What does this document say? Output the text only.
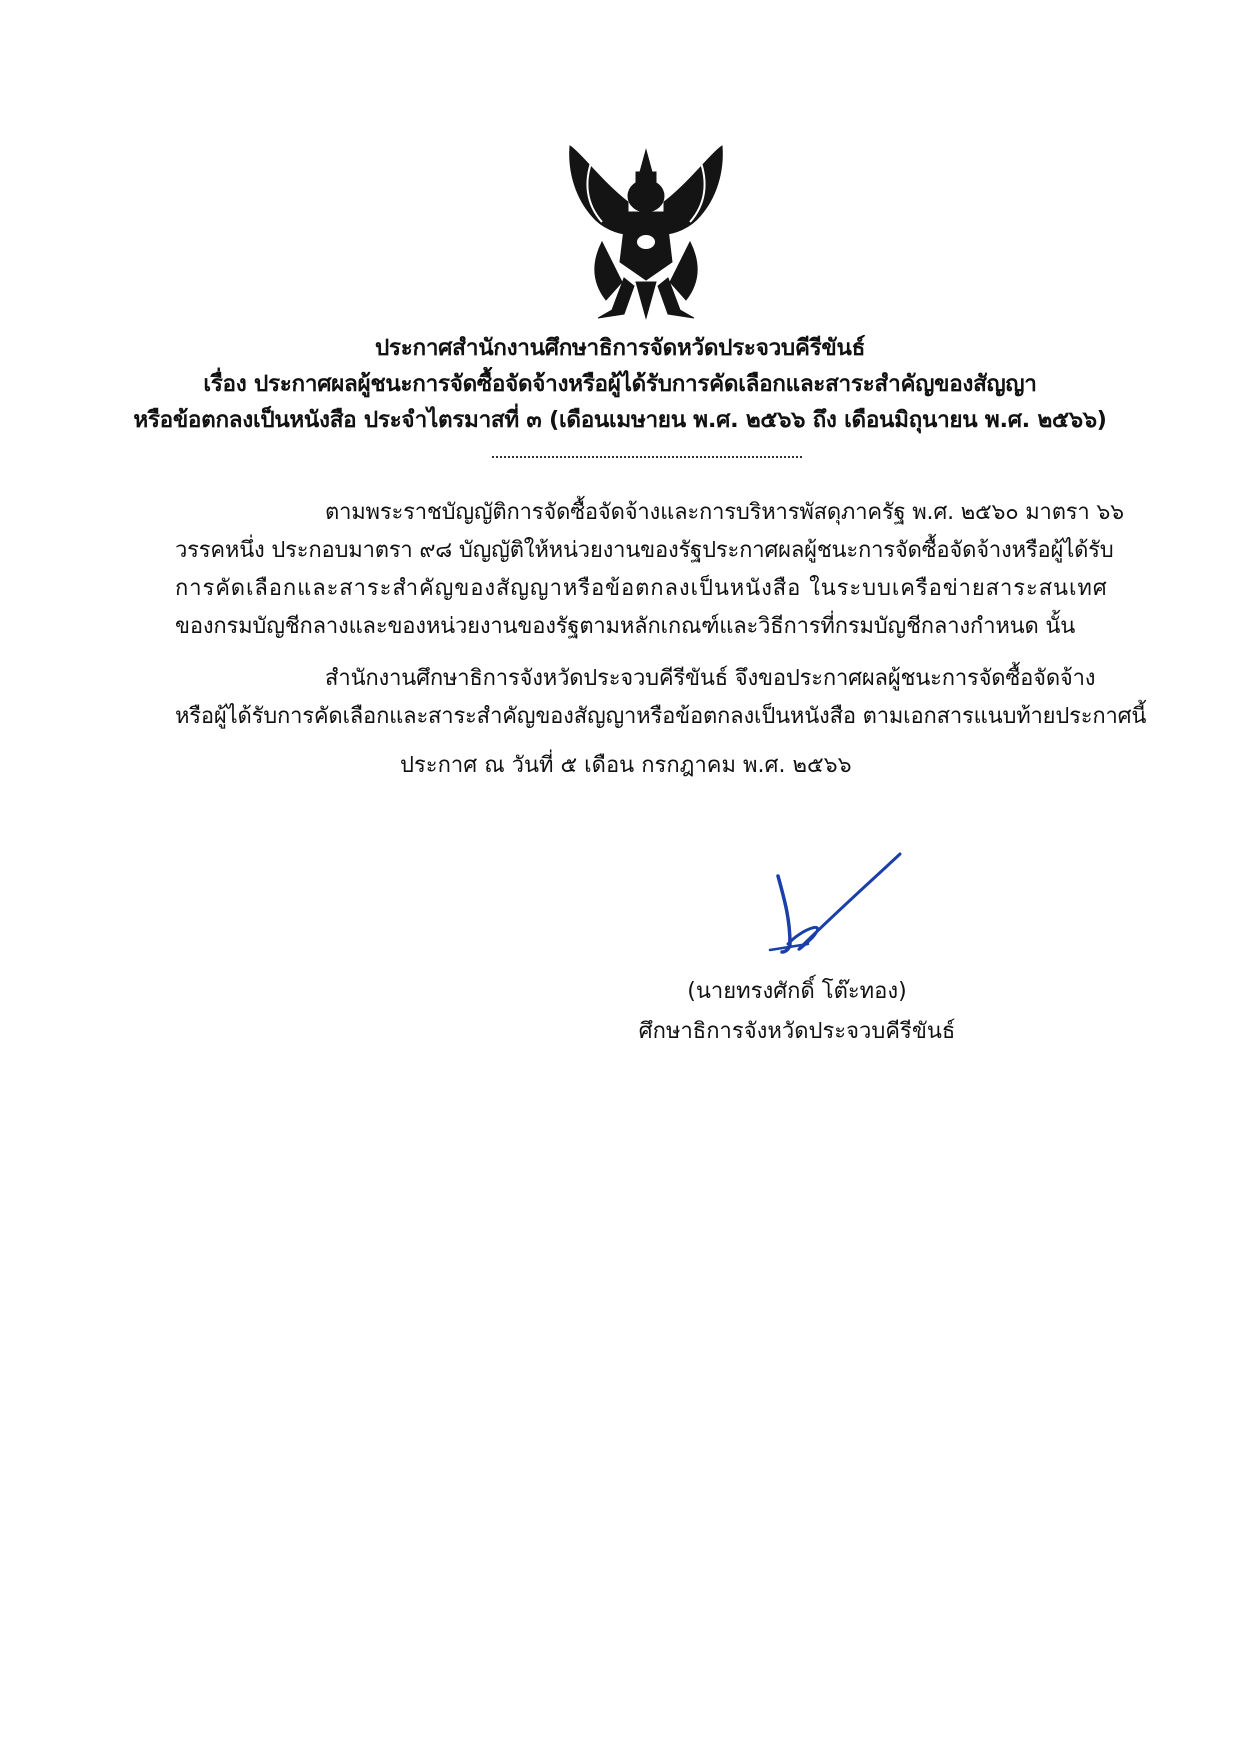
ประกาศสำนักงานศึกษาธิการจัดหวัดประจวบคีรีขันธ์
เรื่อง ประกาศผลผู้ชนะการจัดซื้อจัดจ้างหรือผู้ได้รับการคัดเลือกและสาระสำคัญของสัญญา
หรือข้อตกลงเป็นหนังสือ ประจำไตรมาสที่ ๓ (เดือนเมษายน พ.ศ. ๒๕๖๖ ถึง เดือนมิถุนายน พ.ศ. ๒๕๖๖)
ตามพระราชบัญญัติการจัดซื้อจัดจ้างและการบริหารพัสดุภาครัฐ พ.ศ. ๒๕๖๐ มาตรา ๖๖
วรรคหนึ่ง ประกอบมาตรา ๙๘ บัญญัติให้หน่วยงานของรัฐประกาศผลผู้ชนะการจัดซื้อจัดจ้างหรือผู้ได้รับ
การคัดเลือกและสาระสำคัญของสัญญาหรือข้อตกลงเป็นหนังสือ ในระบบเครือข่ายสาระสนเทศ
ของกรมบัญชีกลางและของหน่วยงานของรัฐตามหลักเกณฑ์และวิธีการที่กรมบัญชีกลางกำหนด นั้น
สำนักงานศึกษาธิการจังหวัดประจวบคีรีขันธ์ จึงขอประกาศผลผู้ชนะการจัดซื้อจัดจ้าง
หรือผู้ได้รับการคัดเลือกและสาระสำคัญของสัญญาหรือข้อตกลงเป็นหนังสือ ตามเอกสารแนบท้ายประกาศนี้
ประกาศ ณ วันที่ ๕ เดือน กรกฎาคม พ.ศ. ๒๕๖๖
(นายทรงศักดิ์ โต๊ะทอง)
ศึกษาธิการจังหวัดประจวบคีรีขันธ์
